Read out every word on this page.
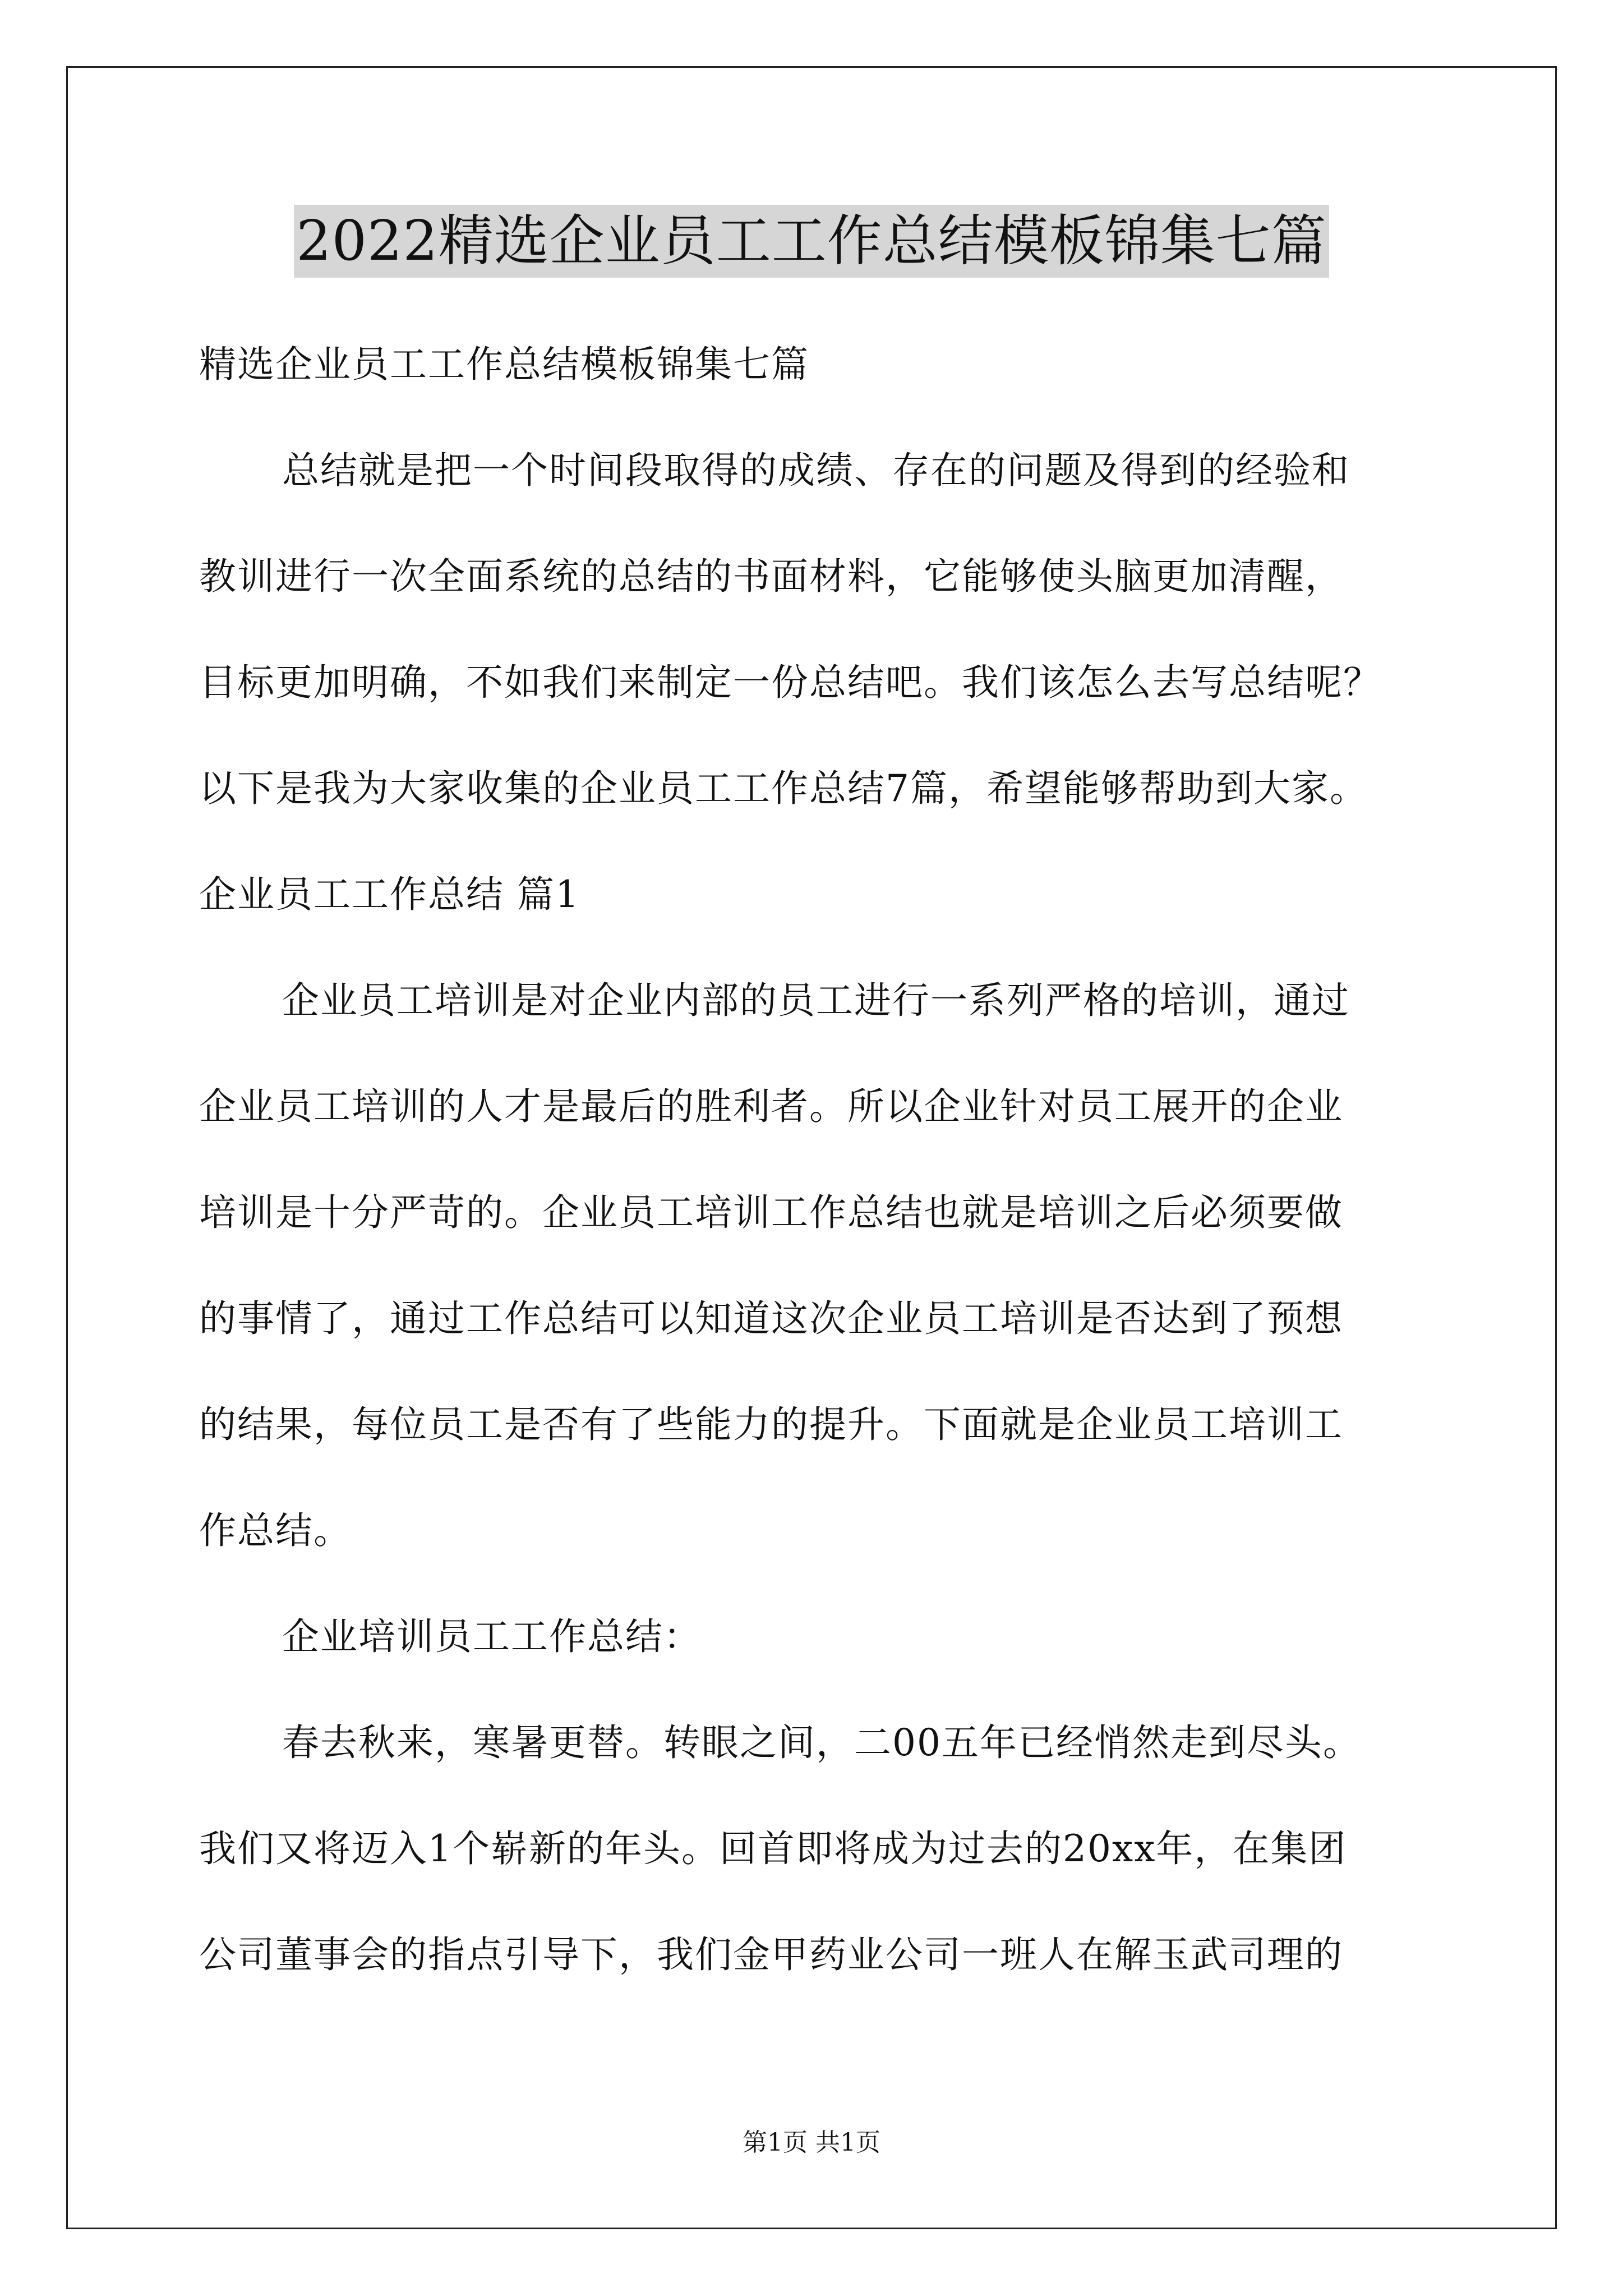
2022精选企业员工工作总结模板锦集七篇
精选企业员工工作总结模板锦集七篇
总结就是把一个时间段取得的成绩、存在的问题及得到的经验和
教训进行一次全面系统的总结的书面材料，它能够使头脑更加清醒，
目标更加明确，不如我们来制定一份总结吧。我们该怎么去写总结呢？
以下是我为大家收集的企业员工工作总结7篇，希望能够帮助到大家。
企业员工工作总结 篇1
企业员工培训是对企业内部的员工进行一系列严格的培训，通过
企业员工培训的人才是最后的胜利者。所以企业针对员工展开的企业
培训是十分严苛的。企业员工培训工作总结也就是培训之后必须要做
的事情了，通过工作总结可以知道这次企业员工培训是否达到了预想
的结果，每位员工是否有了些能力的提升。下面就是企业员工培训工
作总结。
企业培训员工工作总结：
春去秋来，寒暑更替。转眼之间，二00五年已经悄然走到尽头。
我们又将迈入1个崭新的年头。回首即将成为过去的20xx年，在集团
公司董事会的指点引导下，我们金甲药业公司一班人在解玉武司理的
第1页 共1页
